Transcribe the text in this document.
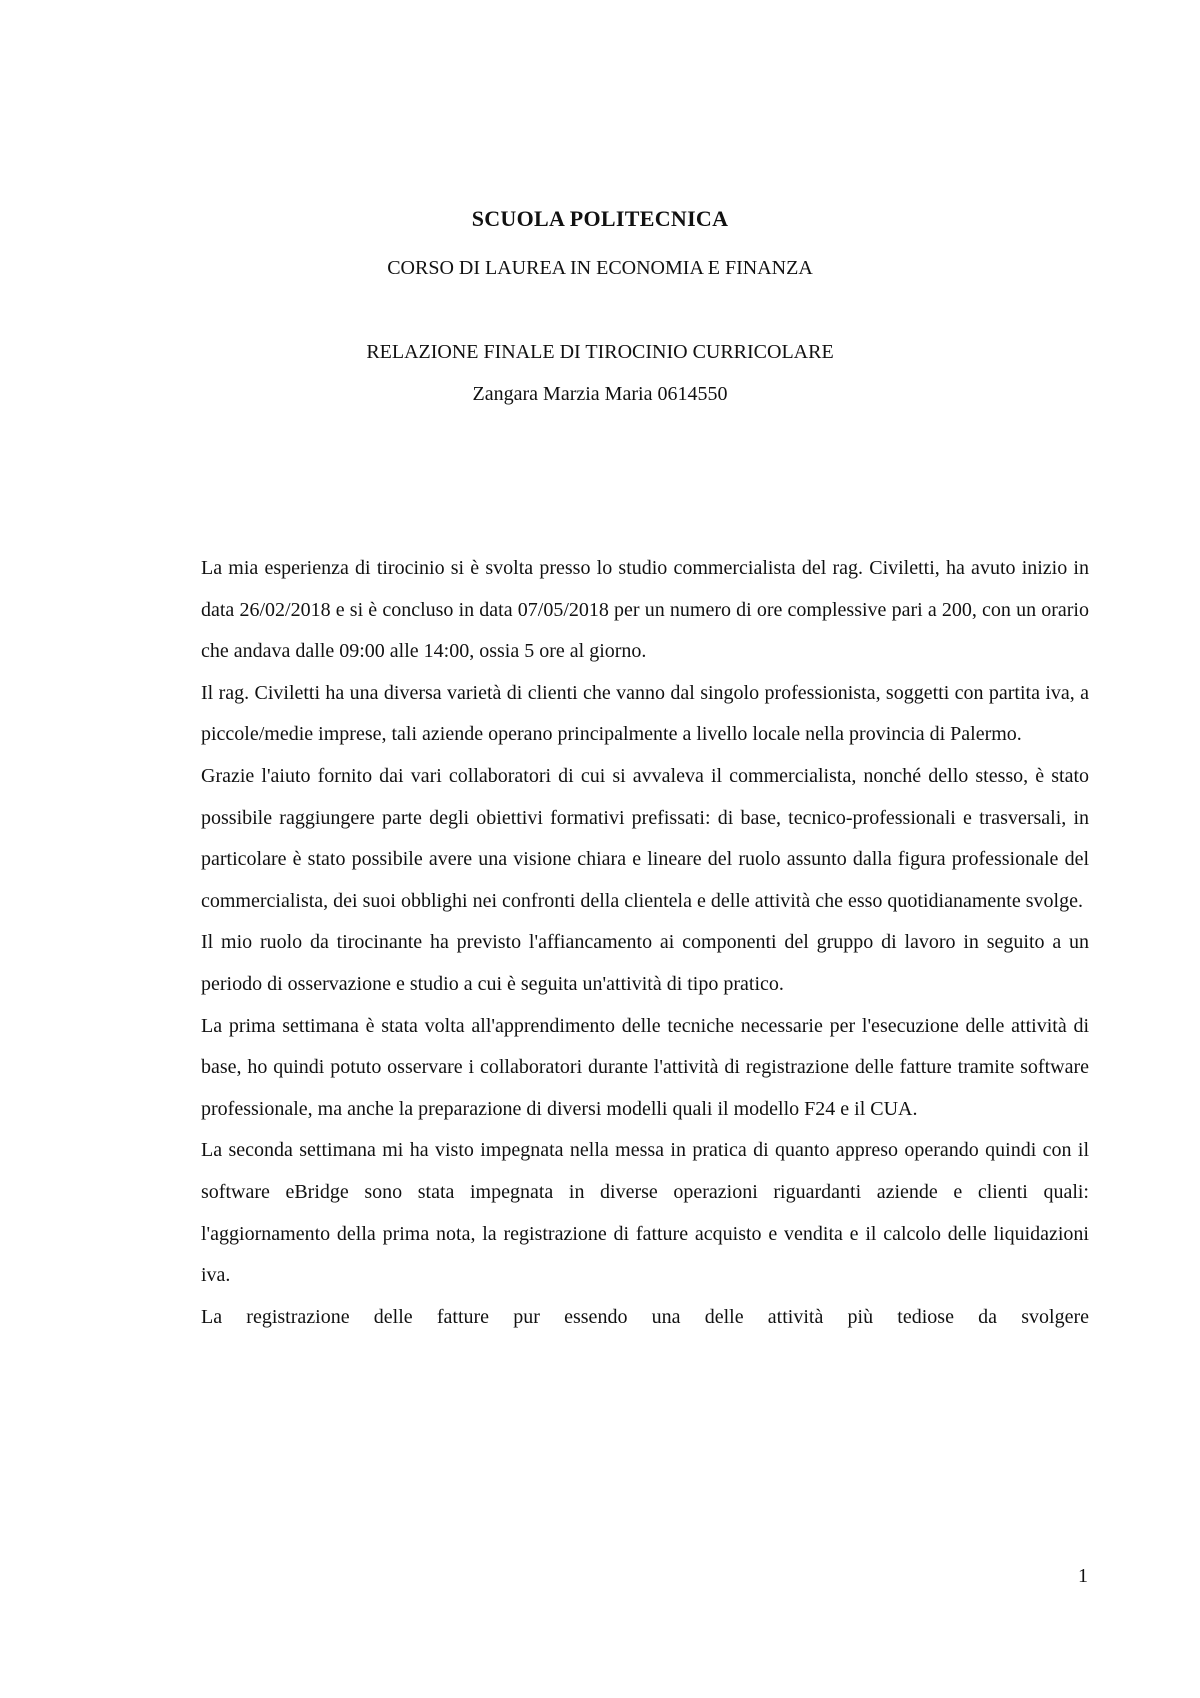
SCUOLA POLITECNICA
CORSO DI LAUREA IN ECONOMIA E FINANZA
RELAZIONE FINALE DI TIROCINIO CURRICOLARE
Zangara Marzia Maria 0614550

La mia esperienza di tirocinio si è svolta presso lo studio commercialista del rag. Civiletti, ha avuto inizio in data 26/02/2018 e si è concluso in data 07/05/2018 per un numero di ore complessive pari a 200, con un orario che andava dalle 09:00 alle 14:00, ossia 5 ore al giorno.

Il rag. Civiletti ha una diversa varietà di clienti che vanno dal singolo professionista, soggetti con partita iva, a piccole/medie imprese, tali aziende operano principalmente a livello locale nella provincia di Palermo.

Grazie l'aiuto fornito dai vari collaboratori di cui si avvaleva il commercialista, nonché dello stesso, è stato possibile raggiungere parte degli obiettivi formativi prefissati: di base, tecnico-professionali e trasversali, in particolare è stato possibile avere una visione chiara e lineare del ruolo assunto dalla figura professionale del commercialista, dei suoi obblighi nei confronti della clientela e delle attività che esso quotidianamente svolge.

Il mio ruolo da tirocinante ha previsto l'affiancamento ai componenti del gruppo di lavoro in seguito a un periodo di osservazione e studio a cui è seguita un'attività di tipo pratico.

La prima settimana è stata volta all'apprendimento delle tecniche necessarie per l'esecuzione delle attività di base, ho quindi potuto osservare i collaboratori durante l'attività di registrazione delle fatture tramite software professionale, ma anche la preparazione di diversi modelli quali il modello F24 e il CUA.

La seconda settimana mi ha visto impegnata nella messa in pratica di quanto appreso operando quindi con il software eBridge sono stata impegnata in diverse operazioni riguardanti aziende e clienti quali: l'aggiornamento della prima nota, la registrazione di fatture acquisto e vendita e il calcolo delle liquidazioni iva.

La registrazione delle fatture pur essendo una delle attività più tediose da svolgere

1
